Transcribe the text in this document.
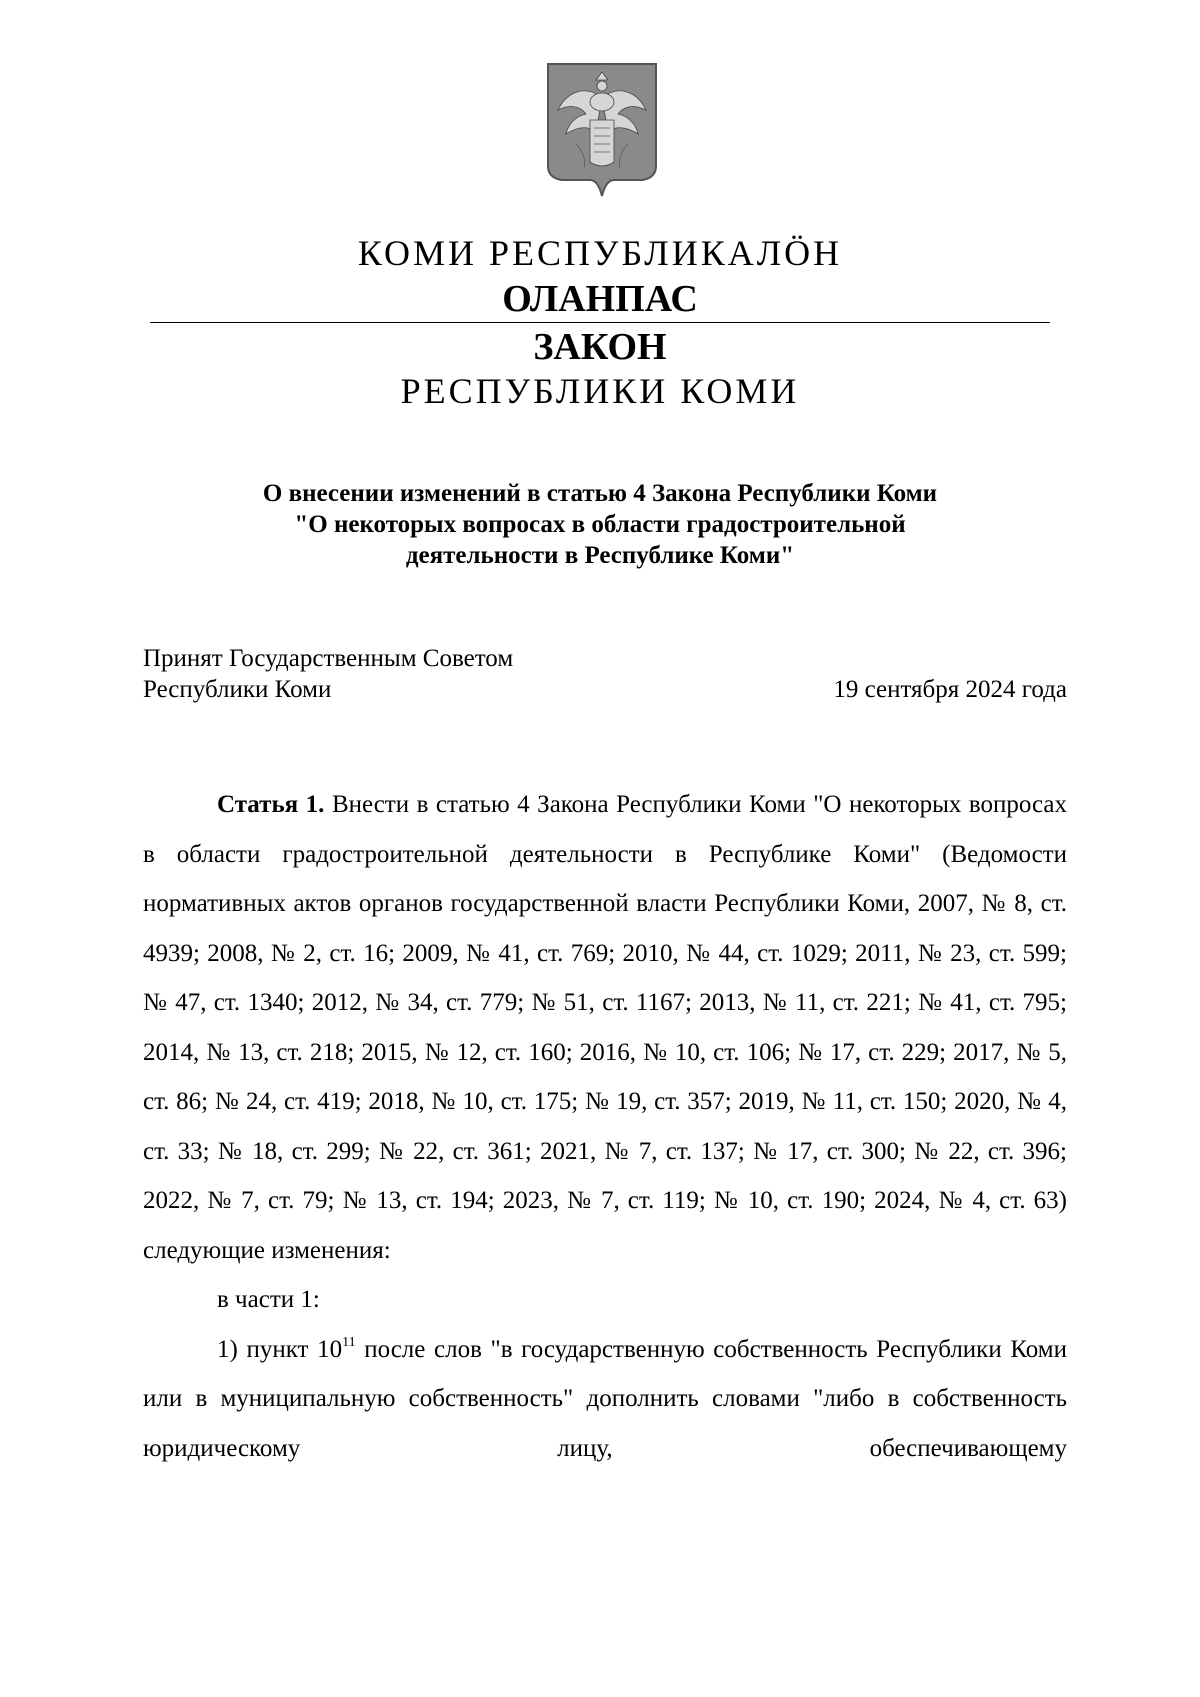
КОМИ РЕСПУБЛИКАЛӦН
ОЛАНПАС
ЗАКОН
РЕСПУБЛИКИ КОМИ
О внесении изменений в статью 4 Закона Республики Коми
"О некоторых вопросах в области градостроительной
деятельности в Республике Коми"
Принят Государственным Советом
Республики Коми	19 сентября 2024 года

Статья 1. Внести в статью 4 Закона Республики Коми "О некоторых вопросах в области градостроительной деятельности в Республике Коми" (Ведомости нормативных актов органов государственной власти Республики Коми, 2007, № 8, ст. 4939; 2008, № 2, ст. 16; 2009, № 41, ст. 769; 2010, № 44, ст. 1029; 2011, № 23, ст. 599; № 47, ст. 1340; 2012, № 34, ст. 779; № 51, ст. 1167; 2013, № 11, ст. 221; № 41, ст. 795; 2014, № 13, ст. 218; 2015, № 12, ст. 160; 2016, № 10, ст. 106; № 17, ст. 229; 2017, № 5, ст. 86; № 24, ст. 419; 2018, № 10, ст. 175; № 19, ст. 357; 2019, № 11, ст. 150; 2020, № 4, ст. 33; № 18, ст. 299; № 22, ст. 361; 2021, № 7, ст. 137; № 17, ст. 300; № 22, ст. 396; 2022, № 7, ст. 79; № 13, ст. 194; 2023, № 7, ст. 119; № 10, ст. 190; 2024, № 4, ст. 63) следующие изменения:

в части 1:

1) пункт $10^{11}$ после слов "в государственную собственность Республики Коми или в муниципальную собственность" дополнить словами "либо в собственность юридическому лицу, обеспечивающему
